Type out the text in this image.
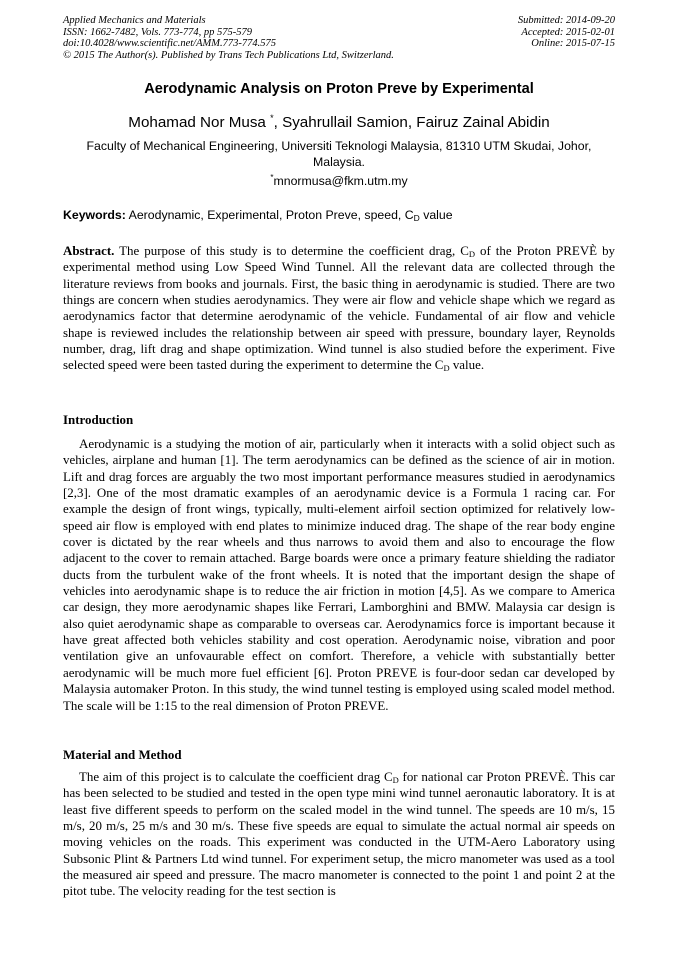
Applied Mechanics and Materials
ISSN: 1662-7482, Vols. 773-774, pp 575-579
doi:10.4028/www.scientific.net/AMM.773-774.575
© 2015 The Author(s). Published by Trans Tech Publications Ltd, Switzerland.
Submitted: 2014-09-20
Accepted: 2015-02-01
Online: 2015-07-15
Aerodynamic Analysis on Proton Preve by Experimental
Mohamad Nor Musa *, Syahrullail Samion, Fairuz Zainal Abidin
Faculty of Mechanical Engineering, Universiti Teknologi Malaysia, 81310 UTM Skudai, Johor, Malaysia.
*mnormusa@fkm.utm.my
Keywords: Aerodynamic, Experimental, Proton Preve, speed, $C_D$ value
Abstract. The purpose of this study is to determine the coefficient drag, $C_D$ of the Proton PREVÈ by experimental method using Low Speed Wind Tunnel. All the relevant data are collected through the literature reviews from books and journals. First, the basic thing in aerodynamic is studied. There are two things are concern when studies aerodynamics. They were air flow and vehicle shape which we regard as aerodynamics factor that determine aerodynamic of the vehicle. Fundamental of air flow and vehicle shape is reviewed includes the relationship between air speed with pressure, boundary layer, Reynolds number, drag, lift drag and shape optimization. Wind tunnel is also studied before the experiment. Five selected speed were been tasted during the experiment to determine the $C_D$ value.
Introduction
Aerodynamic is a studying the motion of air, particularly when it interacts with a solid object such as vehicles, airplane and human [1]. The term aerodynamics can be defined as the science of air in motion. Lift and drag forces are arguably the two most important performance measures studied in aerodynamics [2,3]. One of the most dramatic examples of an aerodynamic device is a Formula 1 racing car. For example the design of front wings, typically, multi-element airfoil section optimized for relatively low-speed air flow is employed with end plates to minimize induced drag. The shape of the rear body engine cover is dictated by the rear wheels and thus narrows to avoid them and also to encourage the flow adjacent to the cover to remain attached. Barge boards were once a primary feature shielding the radiator ducts from the turbulent wake of the front wheels. It is noted that the important design the shape of vehicles into aerodynamic shape is to reduce the air friction in motion [4,5]. As we compare to America car design, they more aerodynamic shapes like Ferrari, Lamborghini and BMW. Malaysia car design is also quiet aerodynamic shape as comparable to overseas car. Aerodynamics force is important because it have great affected both vehicles stability and cost operation. Aerodynamic noise, vibration and poor ventilation give an unfovaurable effect on comfort. Therefore, a vehicle with substantially better aerodynamic will be much more fuel efficient [6]. Proton PREVE is four-door sedan car developed by Malaysia automaker Proton. In this study, the wind tunnel testing is employed using scaled model method. The scale will be 1:15 to the real dimension of Proton PREVE.
Material and Method
The aim of this project is to calculate the coefficient drag $C_D$ for national car Proton PREVÈ. This car has been selected to be studied and tested in the open type mini wind tunnel aeronautic laboratory. It is at least five different speeds to perform on the scaled model in the wind tunnel. The speeds are 10 m/s, 15 m/s, 20 m/s, 25 m/s and 30 m/s. These five speeds are equal to simulate the actual normal air speeds on moving vehicles on the roads. This experiment was conducted in the UTM-Aero Laboratory using Subsonic Plint & Partners Ltd wind tunnel. For experiment setup, the micro manometer was used as a tool the measured air speed and pressure. The macro manometer is connected to the point 1 and point 2 at the pitot tube. The velocity reading for the test section is
